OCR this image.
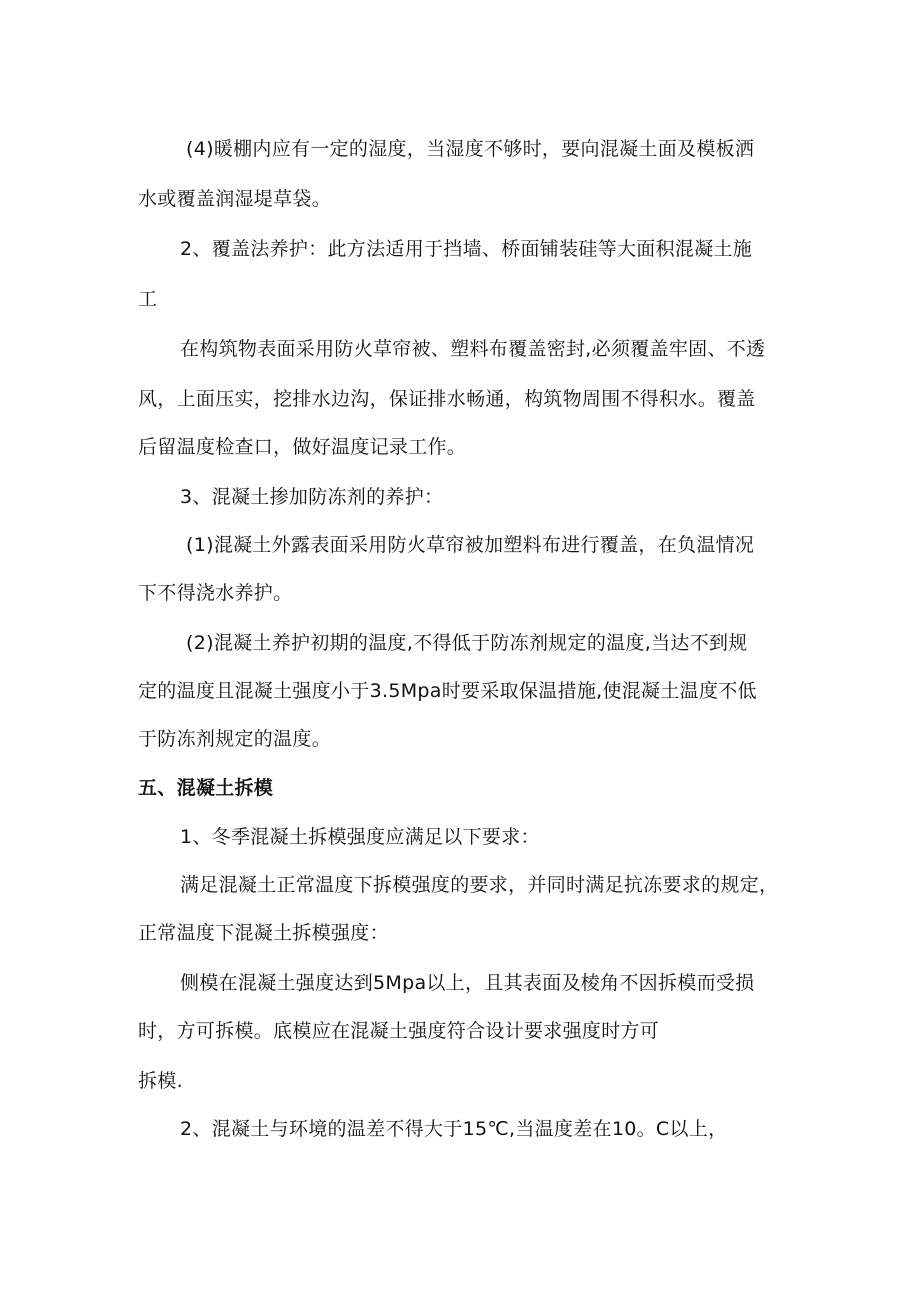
(4)暖棚内应有一定的湿度，当湿度不够时，要向混凝土面及模板洒
水或覆盖润湿堤草袋。
2、覆盖法养护：此方法适用于挡墙、桥面铺装硅等大面积混凝土施
工
在构筑物表面采用防火草帘被、塑料布覆盖密封,必须覆盖牢固、不透
风，上面压实，挖排水边沟，保证排水畅通，构筑物周围不得积水。覆盖
后留温度检查口，做好温度记录工作。
3、混凝土掺加防冻剂的养护：
(1)混凝土外露表面采用防火草帘被加塑料布进行覆盖，在负温情况
下不得浇水养护。
(2)混凝土养护初期的温度,不得低于防冻剂规定的温度,当达不到规
定的温度且混凝土强度小于3.5Mpa时要采取保温措施,使混凝土温度不低
于防冻剂规定的温度。
五、混凝土拆模
1、冬季混凝土拆模强度应满足以下要求：
满足混凝土正常温度下拆模强度的要求，并同时满足抗冻要求的规定，
正常温度下混凝土拆模强度：
侧模在混凝土强度达到5Mpa以上，且其表面及棱角不因拆模而受损
时，方可拆模。底模应在混凝土强度符合设计要求强度时方可
拆模.
2、混凝土与环境的温差不得大于15℃,当温度差在10。C以上，
